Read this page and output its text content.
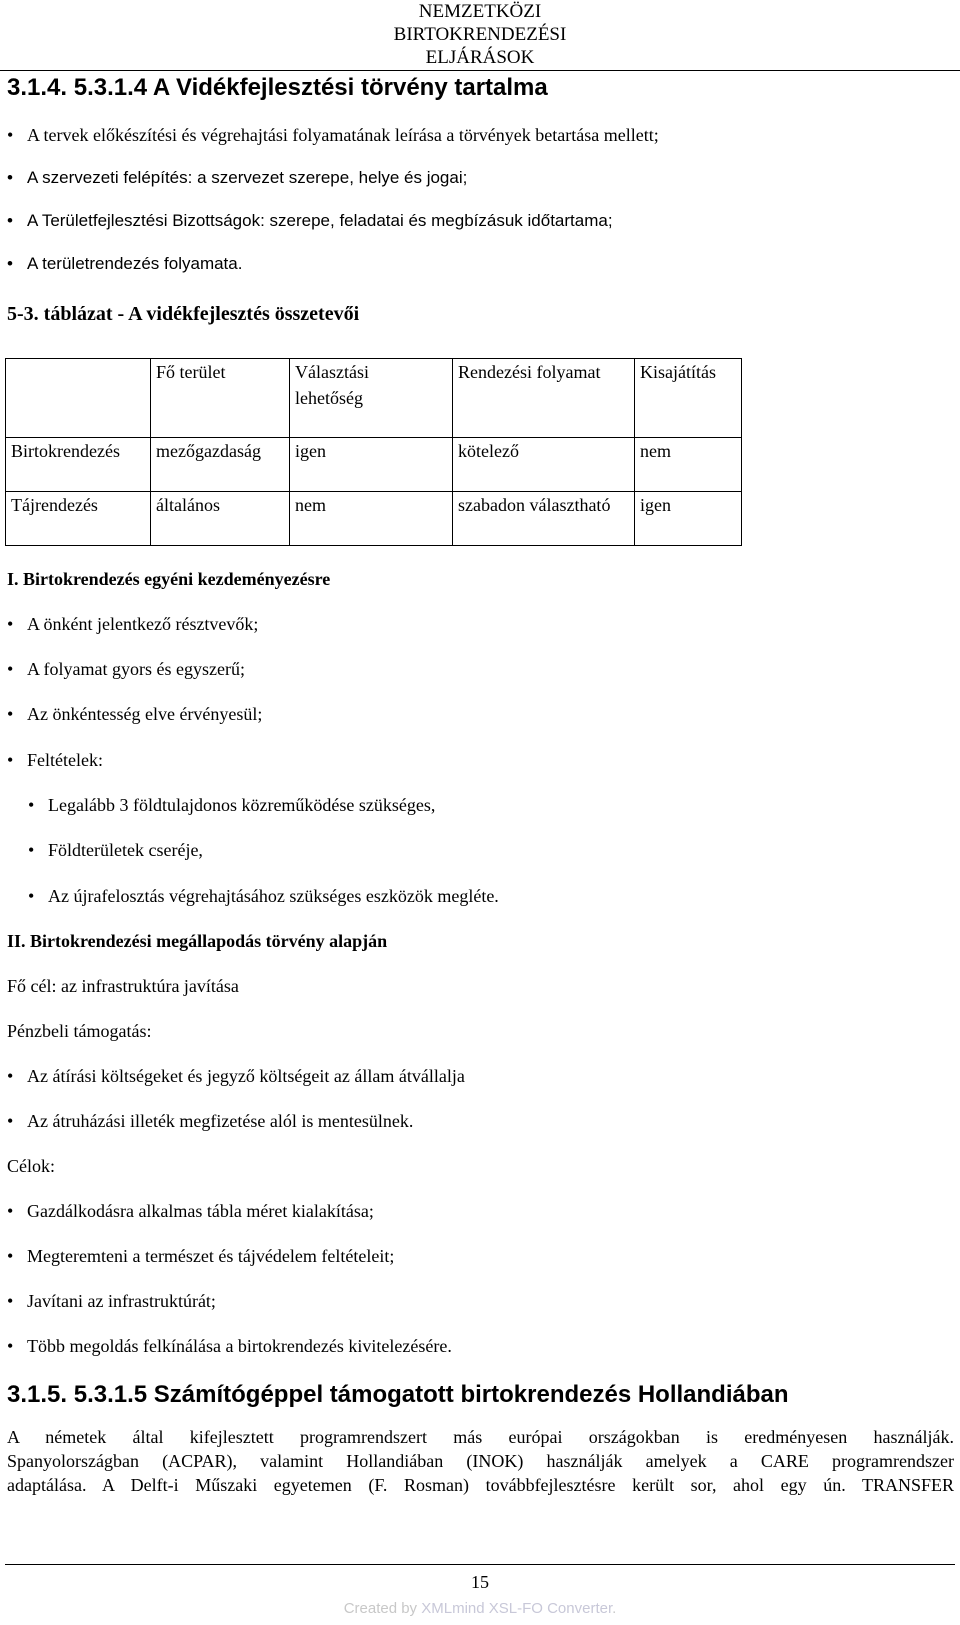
NEMZETKÖZI
BIRTOKRENDEZÉSI
ELJÁRÁSOK
3.1.4. 5.3.1.4 A Vidékfejlesztési törvény tartalma
• A tervek előkészítési és végrehajtási folyamatának leírása a törvények betartása mellett;
• A szervezeti felépítés: a szervezet szerepe, helye és jogai;
• A Területfejlesztési Bizottságok: szerepe, feladatai és megbízásuk időtartama;
• A területrendezés folyamata.
5-3. táblázat - A vidékfejlesztés összetevői
	Fő terület	Választási lehetőség	Rendezési folyamat	Kisajátítás
Birtokrendezés	mezőgazdaság	igen	kötelező	nem
Tájrendezés	általános	nem	szabadon választható	igen
I. Birtokrendezés egyéni kezdeményezésre
• A önként jelentkező résztvevők;
• A folyamat gyors és egyszerű;
• Az önkéntesség elve érvényesül;
• Feltételek:
• Legalább 3 földtulajdonos közreműködése szükséges,
• Földterületek cseréje,
• Az újrafelosztás végrehajtásához szükséges eszközök megléte.
II. Birtokrendezési megállapodás törvény alapján
Fő cél: az infrastruktúra javítása
Pénzbeli támogatás:
• Az átírási költségeket és jegyző költségeit az állam átvállalja
• Az átruházási illeték megfizetése alól is mentesülnek.
Célok:
• Gazdálkodásra alkalmas tábla méret kialakítása;
• Megteremteni a természet és tájvédelem feltételeit;
• Javítani az infrastruktúrát;
• Több megoldás felkínálása a birtokrendezés kivitelezésére.
3.1.5. 5.3.1.5 Számítógéppel támogatott birtokrendezés Hollandiában
A németek által kifejlesztett programrendszert más európai országokban is eredményesen használják.
Spanyolországban (ACPAR), valamint Hollandiában (INOK) használják amelyek a CARE programrendszer
adaptálása. A Delft-i Műszaki egyetemen (F. Rosman) továbbfejlesztésre került sor, ahol egy ún. TRANSFER
15
Created by XMLmind XSL-FO Converter.
